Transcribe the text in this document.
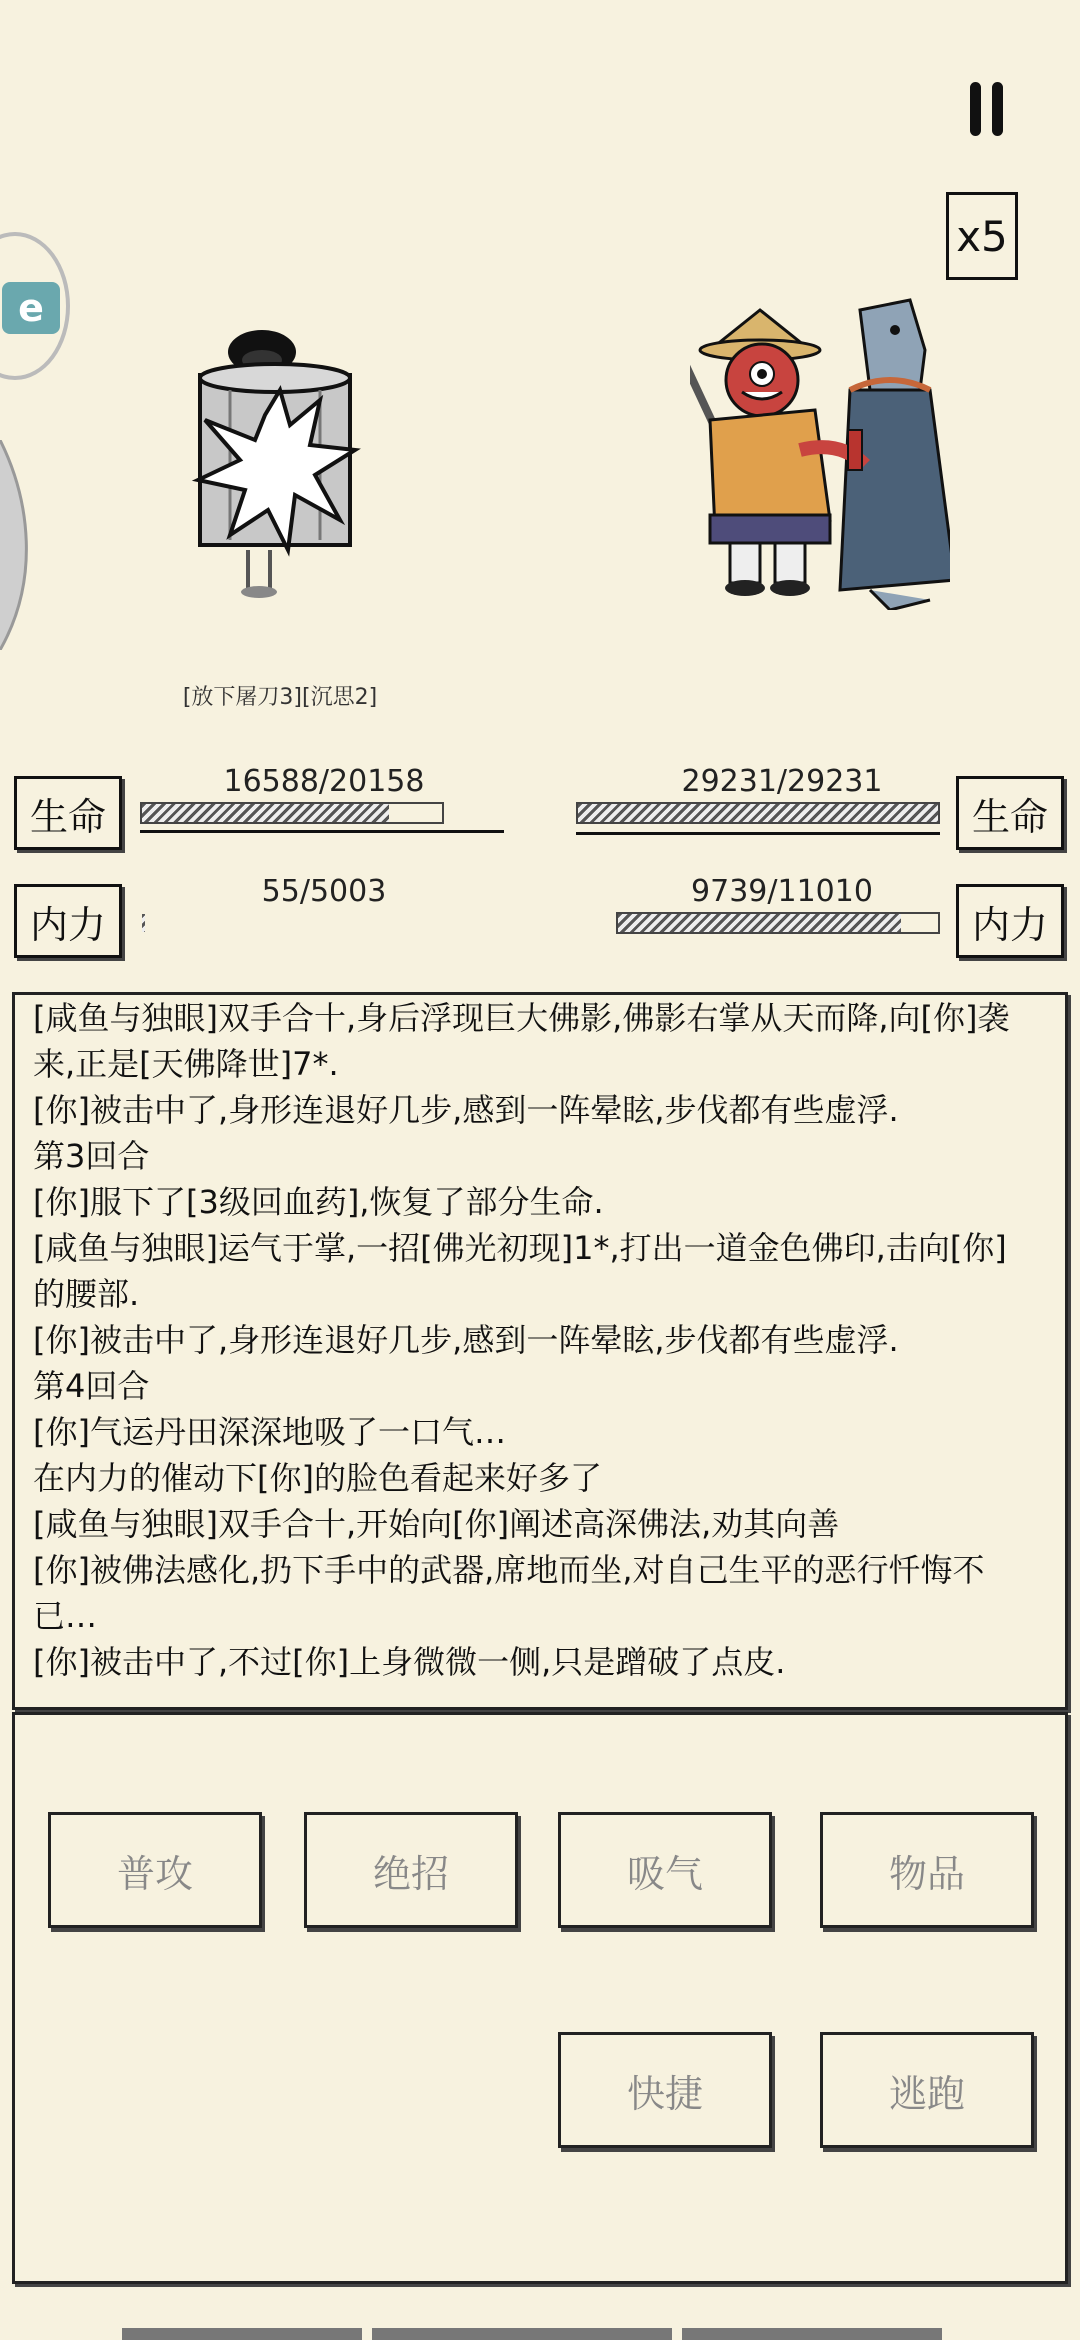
x5
e
[放下屠刀3][沉思2]
生命
16588/20158
内力
55/5003
生命
29231/29231
内力
9739/11010
[咸鱼与独眼]双手合十,身后浮现巨大佛影,佛影右掌从天而降,向[你]袭
来,正是[天佛降世]7*.
[你]被击中了,身形连退好几步,感到一阵晕眩,步伐都有些虚浮.
第3回合
[你]服下了[3级回血药],恢复了部分生命.
[咸鱼与独眼]运气于掌,一招[佛光初现]1*,打出一道金色佛印,击向[你]
的腰部.
[你]被击中了,身形连退好几步,感到一阵晕眩,步伐都有些虚浮.
第4回合
[你]气运丹田深深地吸了一口气…
在内力的催动下[你]的脸色看起来好多了
[咸鱼与独眼]双手合十,开始向[你]阐述高深佛法,劝其向善
[你]被佛法感化,扔下手中的武器,席地而坐,对自己生平的恶行忏悔不
已…
[你]被击中了,不过[你]上身微微一侧,只是蹭破了点皮.
普攻	绝招	吸气	物品
快捷	逃跑
